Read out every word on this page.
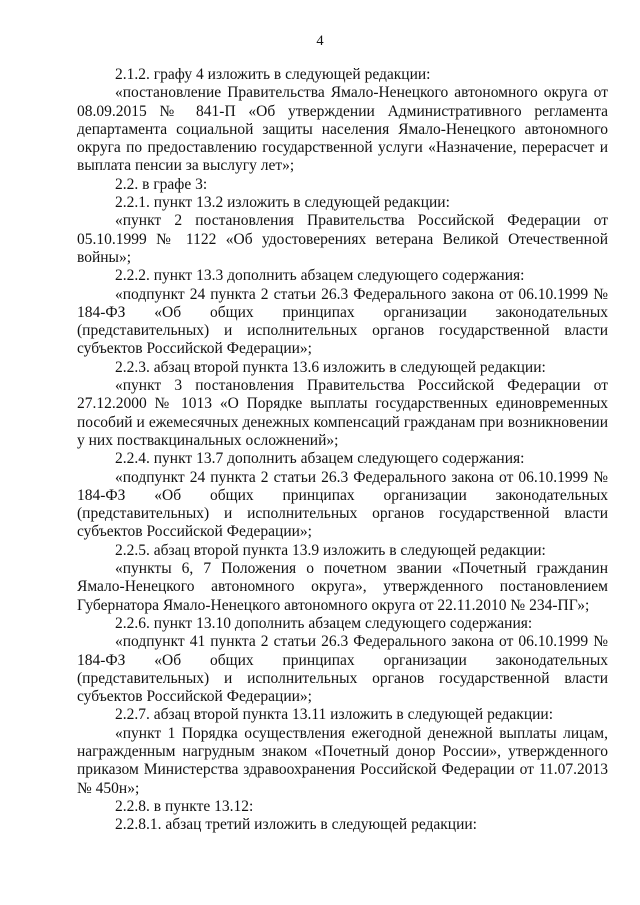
4

2.1.2. графу 4 изложить в следующей редакции:

«постановление Правительства Ямало-Ненецкого автономного округа от 08.09.2015 № 841-П «Об утверждении Административного регламента департамента социальной защиты населения Ямало-Ненецкого автономного округа по предоставлению государственной услуги «Назначение, перерасчет и выплата пенсии за выслугу лет»;

2.2. в графе 3:

2.2.1. пункт 13.2 изложить в следующей редакции:

«пункт 2 постановления Правительства Российской Федерации от 05.10.1999 № 1122 «Об удостоверениях ветерана Великой Отечественной войны»;

2.2.2. пункт 13.3 дополнить абзацем следующего содержания:

«подпункт 24 пункта 2 статьи 26.3 Федерального закона от 06.10.1999 № 184-ФЗ «Об общих принципах организации законодательных (представительных) и исполнительных органов государственной власти субъектов Российской Федерации»;

2.2.3. абзац второй пункта 13.6 изложить в следующей редакции:

«пункт 3 постановления Правительства Российской Федерации от 27.12.2000 № 1013 «О Порядке выплаты государственных единовременных пособий и ежемесячных денежных компенсаций гражданам при возникновении у них поствакцинальных осложнений»;

2.2.4. пункт 13.7 дополнить абзацем следующего содержания:

«подпункт 24 пункта 2 статьи 26.3 Федерального закона от 06.10.1999 № 184-ФЗ «Об общих принципах организации законодательных (представительных) и исполнительных органов государственной власти субъектов Российской Федерации»;

2.2.5. абзац второй пункта 13.9 изложить в следующей редакции:

«пункты 6, 7 Положения о почетном звании «Почетный гражданин Ямало-Ненецкого автономного округа», утвержденного постановлением Губернатора Ямало-Ненецкого автономного округа от 22.11.2010 № 234-ПГ»;

2.2.6. пункт 13.10 дополнить абзацем следующего содержания:

«подпункт 41 пункта 2 статьи 26.3 Федерального закона от 06.10.1999 № 184-ФЗ «Об общих принципах организации законодательных (представительных) и исполнительных органов государственной власти субъектов Российской Федерации»;

2.2.7. абзац второй пункта 13.11 изложить в следующей редакции:

«пункт 1 Порядка осуществления ежегодной денежной выплаты лицам, награжденным нагрудным знаком «Почетный донор России», утвержденного приказом Министерства здравоохранения Российской Федерации от 11.07.2013 № 450н»;

2.2.8. в пункте 13.12:

2.2.8.1. абзац третий изложить в следующей редакции:
